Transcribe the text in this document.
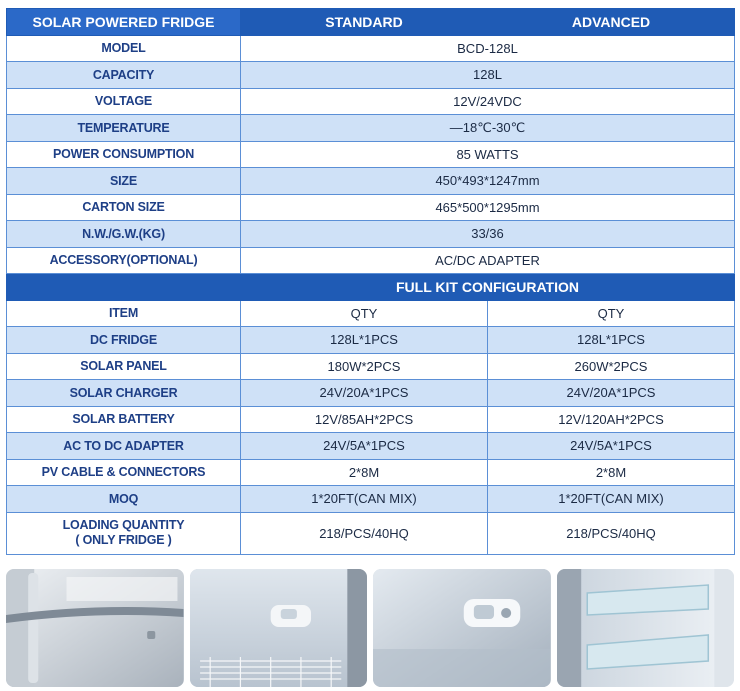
SOLAR POWERED FRIDGE	STANDARD	ADVANCED
MODEL	BCD-128L	
CAPACITY	128L	
VOLTAGE	12V/24VDC	
TEMPERATURE	—18℃-30℃	
POWER CONSUMPTION	85 WATTS	
SIZE	450*493*1247mm	
CARTON SIZE	465*500*1295mm	
N.W./G.W.(KG)	33/36	
ACCESSORY(OPTIONAL)	AC/DC ADAPTER	
	FULL KIT CONFIGURATION	
ITEM	QTY	QTY
DC FRIDGE	128L*1PCS	128L*1PCS
SOLAR PANEL	180W*2PCS	260W*2PCS
SOLAR CHARGER	24V/20A*1PCS	24V/20A*1PCS
SOLAR BATTERY	12V/85AH*2PCS	12V/120AH*2PCS
AC TO DC ADAPTER	24V/5A*1PCS	24V/5A*1PCS
PV CABLE & CONNECTORS	2*8M	2*8M
MOQ	1*20FT(CAN MIX)	1*20FT(CAN MIX)

LOADING QUANTITY
( ONLY FRIDGE )	218/PCS/40HQ	218/PCS/40HQ
